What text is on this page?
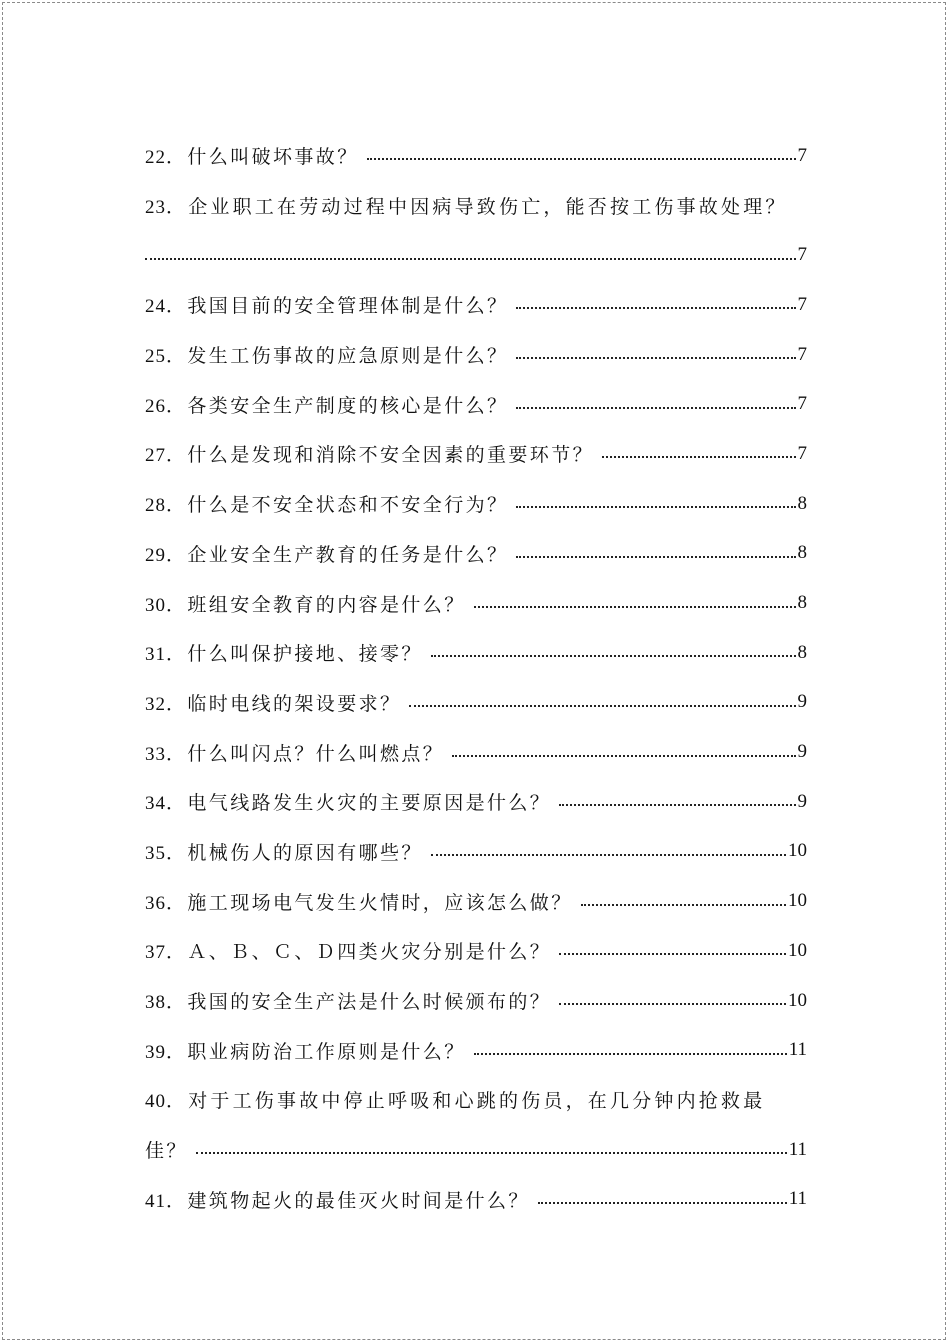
22．什么叫破坏事故？	7
23．企业职工在劳动过程中因病导致伤亡，能否按工伤事故处理？
7
24．我国目前的安全管理体制是什么？	7
25．发生工伤事故的应急原则是什么？	7
26．各类安全生产制度的核心是什么？	7
27．什么是发现和消除不安全因素的重要环节？	7
28．什么是不安全状态和不安全行为？	8
29．企业安全生产教育的任务是什么？	8
30．班组安全教育的内容是什么？	8
31．什么叫保护接地、接零？	8
32．临时电线的架设要求？	9
33．什么叫闪点？什么叫燃点？	9
34．电气线路发生火灾的主要原因是什么？	9
35．机械伤人的原因有哪些？	10
36．施工现场电气发生火情时，应该怎么做？	10
37．Ａ、Ｂ、Ｃ、Ｄ四类火灾分别是什么？	10
38．我国的安全生产法是什么时候颁布的？	10
39．职业病防治工作原则是什么？	11
40．对于工伤事故中停止呼吸和心跳的伤员，在几分钟内抢救最
佳？	11
41．建筑物起火的最佳灭火时间是什么？	11
